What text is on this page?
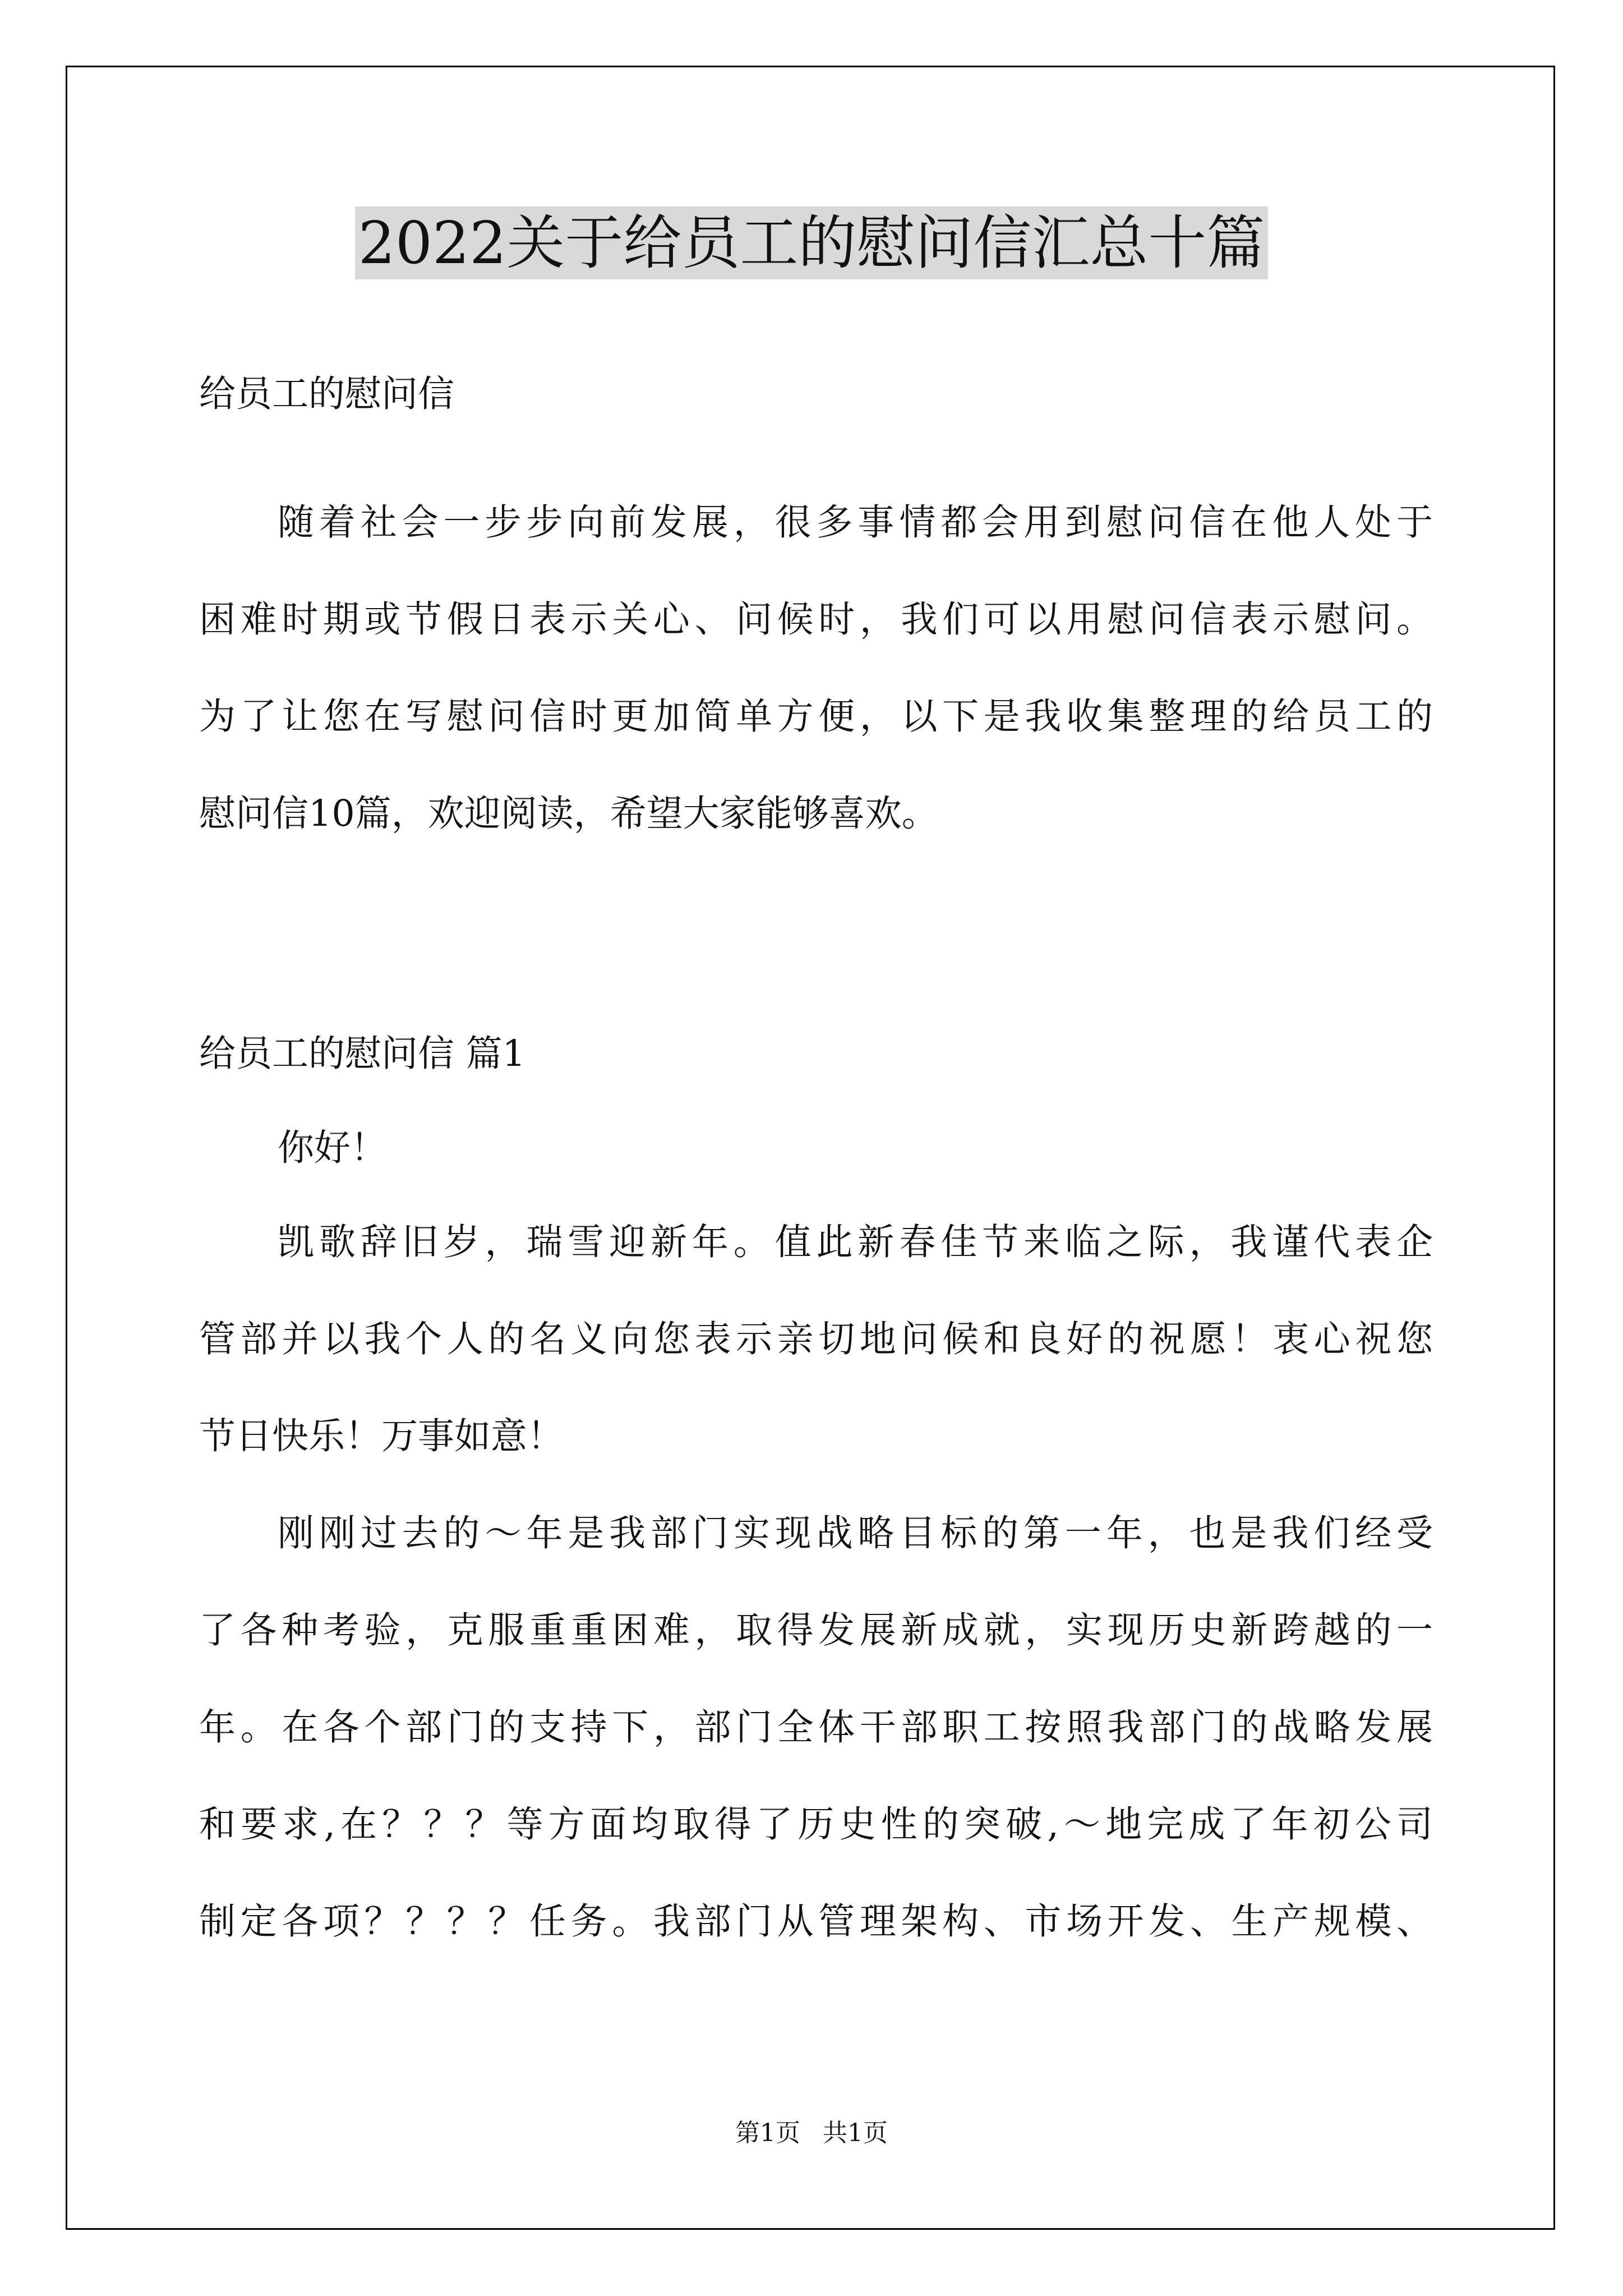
2022关于给员工的慰问信汇总十篇
给员工的慰问信
随着社会一步步向前发展，很多事情都会用到慰问信在他人处于
困难时期或节假日表示关心、问候时，我们可以用慰问信表示慰问。
为了让您在写慰问信时更加简单方便，以下是我收集整理的给员工的
慰问信10篇，欢迎阅读，希望大家能够喜欢。
给员工的慰问信 篇1
你好！
凯歌辞旧岁，瑞雪迎新年。值此新春佳节来临之际，我谨代表企
管部并以我个人的名义向您表示亲切地问候和良好的祝愿！衷心祝您
节日快乐！万事如意！
刚刚过去的～年是我部门实现战略目标的第一年，也是我们经受
了各种考验，克服重重困难，取得发展新成就，实现历史新跨越的一
年。在各个部门的支持下，部门全体干部职工按照我部门的战略发展
和要求,在？？？等方面均取得了历史性的突破,～地完成了年初公司
制定各项？？？？任务。我部门从管理架构、市场开发、生产规模、
第1页 共1页
